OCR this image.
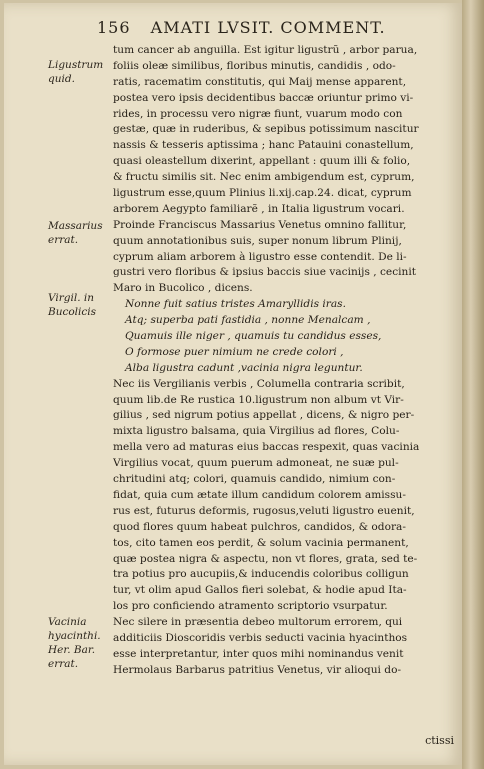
156 AMATI LVSIT. COMMENT.
Ligustrum
quid.
Massarius
errat.
Virgil. in
Bucolicis
Vacinia
hyacinthi.
Her. Bar.
errat.
tum cancer ab anguilla. Est igitur ligustrũ , arbor parua,
foliis oleæ similibus, floribus minutis, candidis , odo-
ratis, racematim constitutis, qui Maij mense apparent,
postea vero ipsis decidentibus baccæ oriuntur primo vi-
rides, in processu vero nigræ fiunt, vuarum modo con
gestæ, quæ in ruderibus, & sepibus potissimum nascitur
nassis & tesseris aptissima ; hanc Patauini conastellum,
quasi oleastellum dixerint, appellant : quum illi & folio,
& fructu similis sit. Nec enim ambigendum est, cyprum,
ligustrum esse,quum Plinius li.xij.cap.24. dicat, cyprum
arborem Aegypto familiarẽ , in Italia ligustrum vocari.
Proinde Franciscus Massarius Venetus omnino fallitur,
quum annotationibus suis, super nonum librum Plinij,
cyprum aliam arborem à ligustro esse contendit. De li-
gustri vero floribus & ipsius baccis siue vacinijs , cecinit
Maro in Bucolico , dicens.
Nonne fuit satius tristes Amaryllidis iras.
Atq; superba pati fastidia , nonne Menalcam ,
Quamuis ille niger , quamuis tu candidus esses,
O formose puer nimium ne crede colori ,
Alba ligustra cadunt ,vacinia nigra leguntur.
Nec iis Vergilianis verbis , Columella contraria scribit,
quum lib.de Re rustica 10.ligustrum non album vt Vir-
gilius , sed nigrum potius appellat , dicens, & nigro per-
mixta ligustro balsama, quia Virgilius ad flores, Colu-
mella vero ad maturas eius baccas respexit, quas vacinia
Virgilius vocat, quum puerum admoneat, ne suæ pul-
chritudini atq; colori, quamuis candido, nimium con-
fidat, quia cum ætate illum candidum colorem amissu-
rus est, futurus deformis, rugosus,veluti ligustro euenit,
quod flores quum habeat pulchros, candidos, & odora-
tos, cito tamen eos perdit, & solum vacinia permanent,
quæ postea nigra & aspectu, non vt flores, grata, sed te-
tra potius pro aucupiis,& inducendis coloribus colligun
tur, vt olim apud Gallos fieri solebat, & hodie apud Ita-
los pro conficiendo atramento scriptorio vsurpatur.
Nec silere in præsentia debeo multorum errorem, qui
additiciis Dioscoridis verbis seducti vacinia hyacinthos
esse interpretantur, inter quos mihi nominandus venit
Hermolaus Barbarus patritius Venetus, vir alioqui do-
ctissi
